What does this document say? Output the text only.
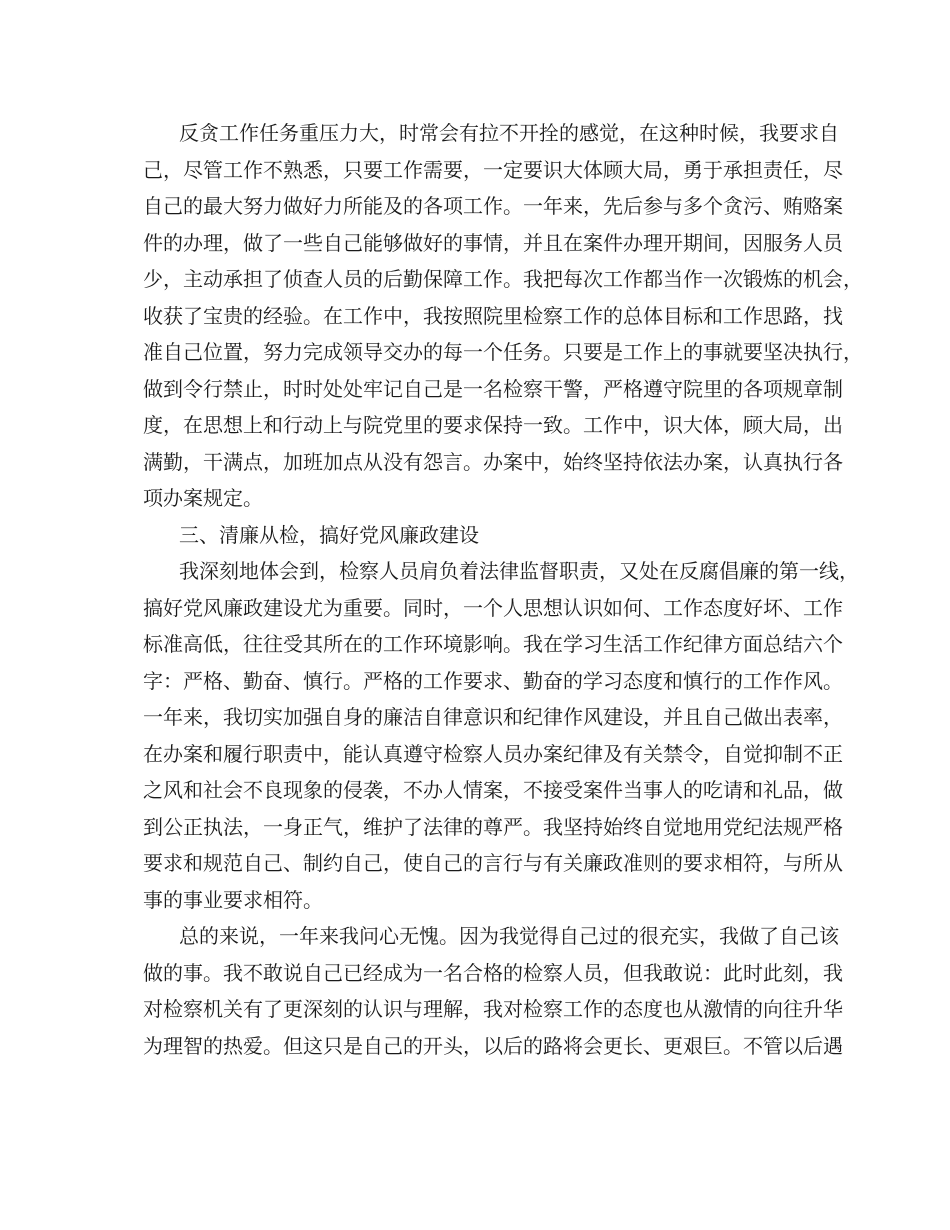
反贪工作任务重压力大，时常会有拉不开拴的感觉，在这种时候，我要求自
己，尽管工作不熟悉，只要工作需要，一定要识大体顾大局，勇于承担责任，尽
自己的最大努力做好力所能及的各项工作。一年来，先后参与多个贪污、贿赂案
件的办理，做了一些自己能够做好的事情，并且在案件办理开期间，因服务人员
少，主动承担了侦查人员的后勤保障工作。我把每次工作都当作一次锻炼的机会，
收获了宝贵的经验。在工作中，我按照院里检察工作的总体目标和工作思路，找
准自己位置，努力完成领导交办的每一个任务。只要是工作上的事就要坚决执行，
做到令行禁止，时时处处牢记自己是一名检察干警，严格遵守院里的各项规章制
度，在思想上和行动上与院党里的要求保持一致。工作中，识大体，顾大局，出
满勤，干满点，加班加点从没有怨言。办案中，始终坚持依法办案，认真执行各
项办案规定。
三、清廉从检，搞好党风廉政建设
我深刻地体会到，检察人员肩负着法律监督职责，又处在反腐倡廉的第一线，
搞好党风廉政建设尤为重要。同时，一个人思想认识如何、工作态度好坏、工作
标准高低，往往受其所在的工作环境影响。我在学习生活工作纪律方面总结六个
字：严格、勤奋、慎行。严格的工作要求、勤奋的学习态度和慎行的工作作风。
一年来，我切实加强自身的廉洁自律意识和纪律作风建设，并且自己做出表率，
在办案和履行职责中，能认真遵守检察人员办案纪律及有关禁令，自觉抑制不正
之风和社会不良现象的侵袭，不办人情案，不接受案件当事人的吃请和礼品，做
到公正执法，一身正气，维护了法律的尊严。我坚持始终自觉地用党纪法规严格
要求和规范自己、制约自己，使自己的言行与有关廉政准则的要求相符，与所从
事的事业要求相符。
总的来说，一年来我问心无愧。因为我觉得自己过的很充实，我做了自己该
做的事。我不敢说自己已经成为一名合格的检察人员，但我敢说：此时此刻，我
对检察机关有了更深刻的认识与理解，我对检察工作的态度也从激情的向往升华
为理智的热爱。但这只是自己的开头，以后的路将会更长、更艰巨。不管以后遇
